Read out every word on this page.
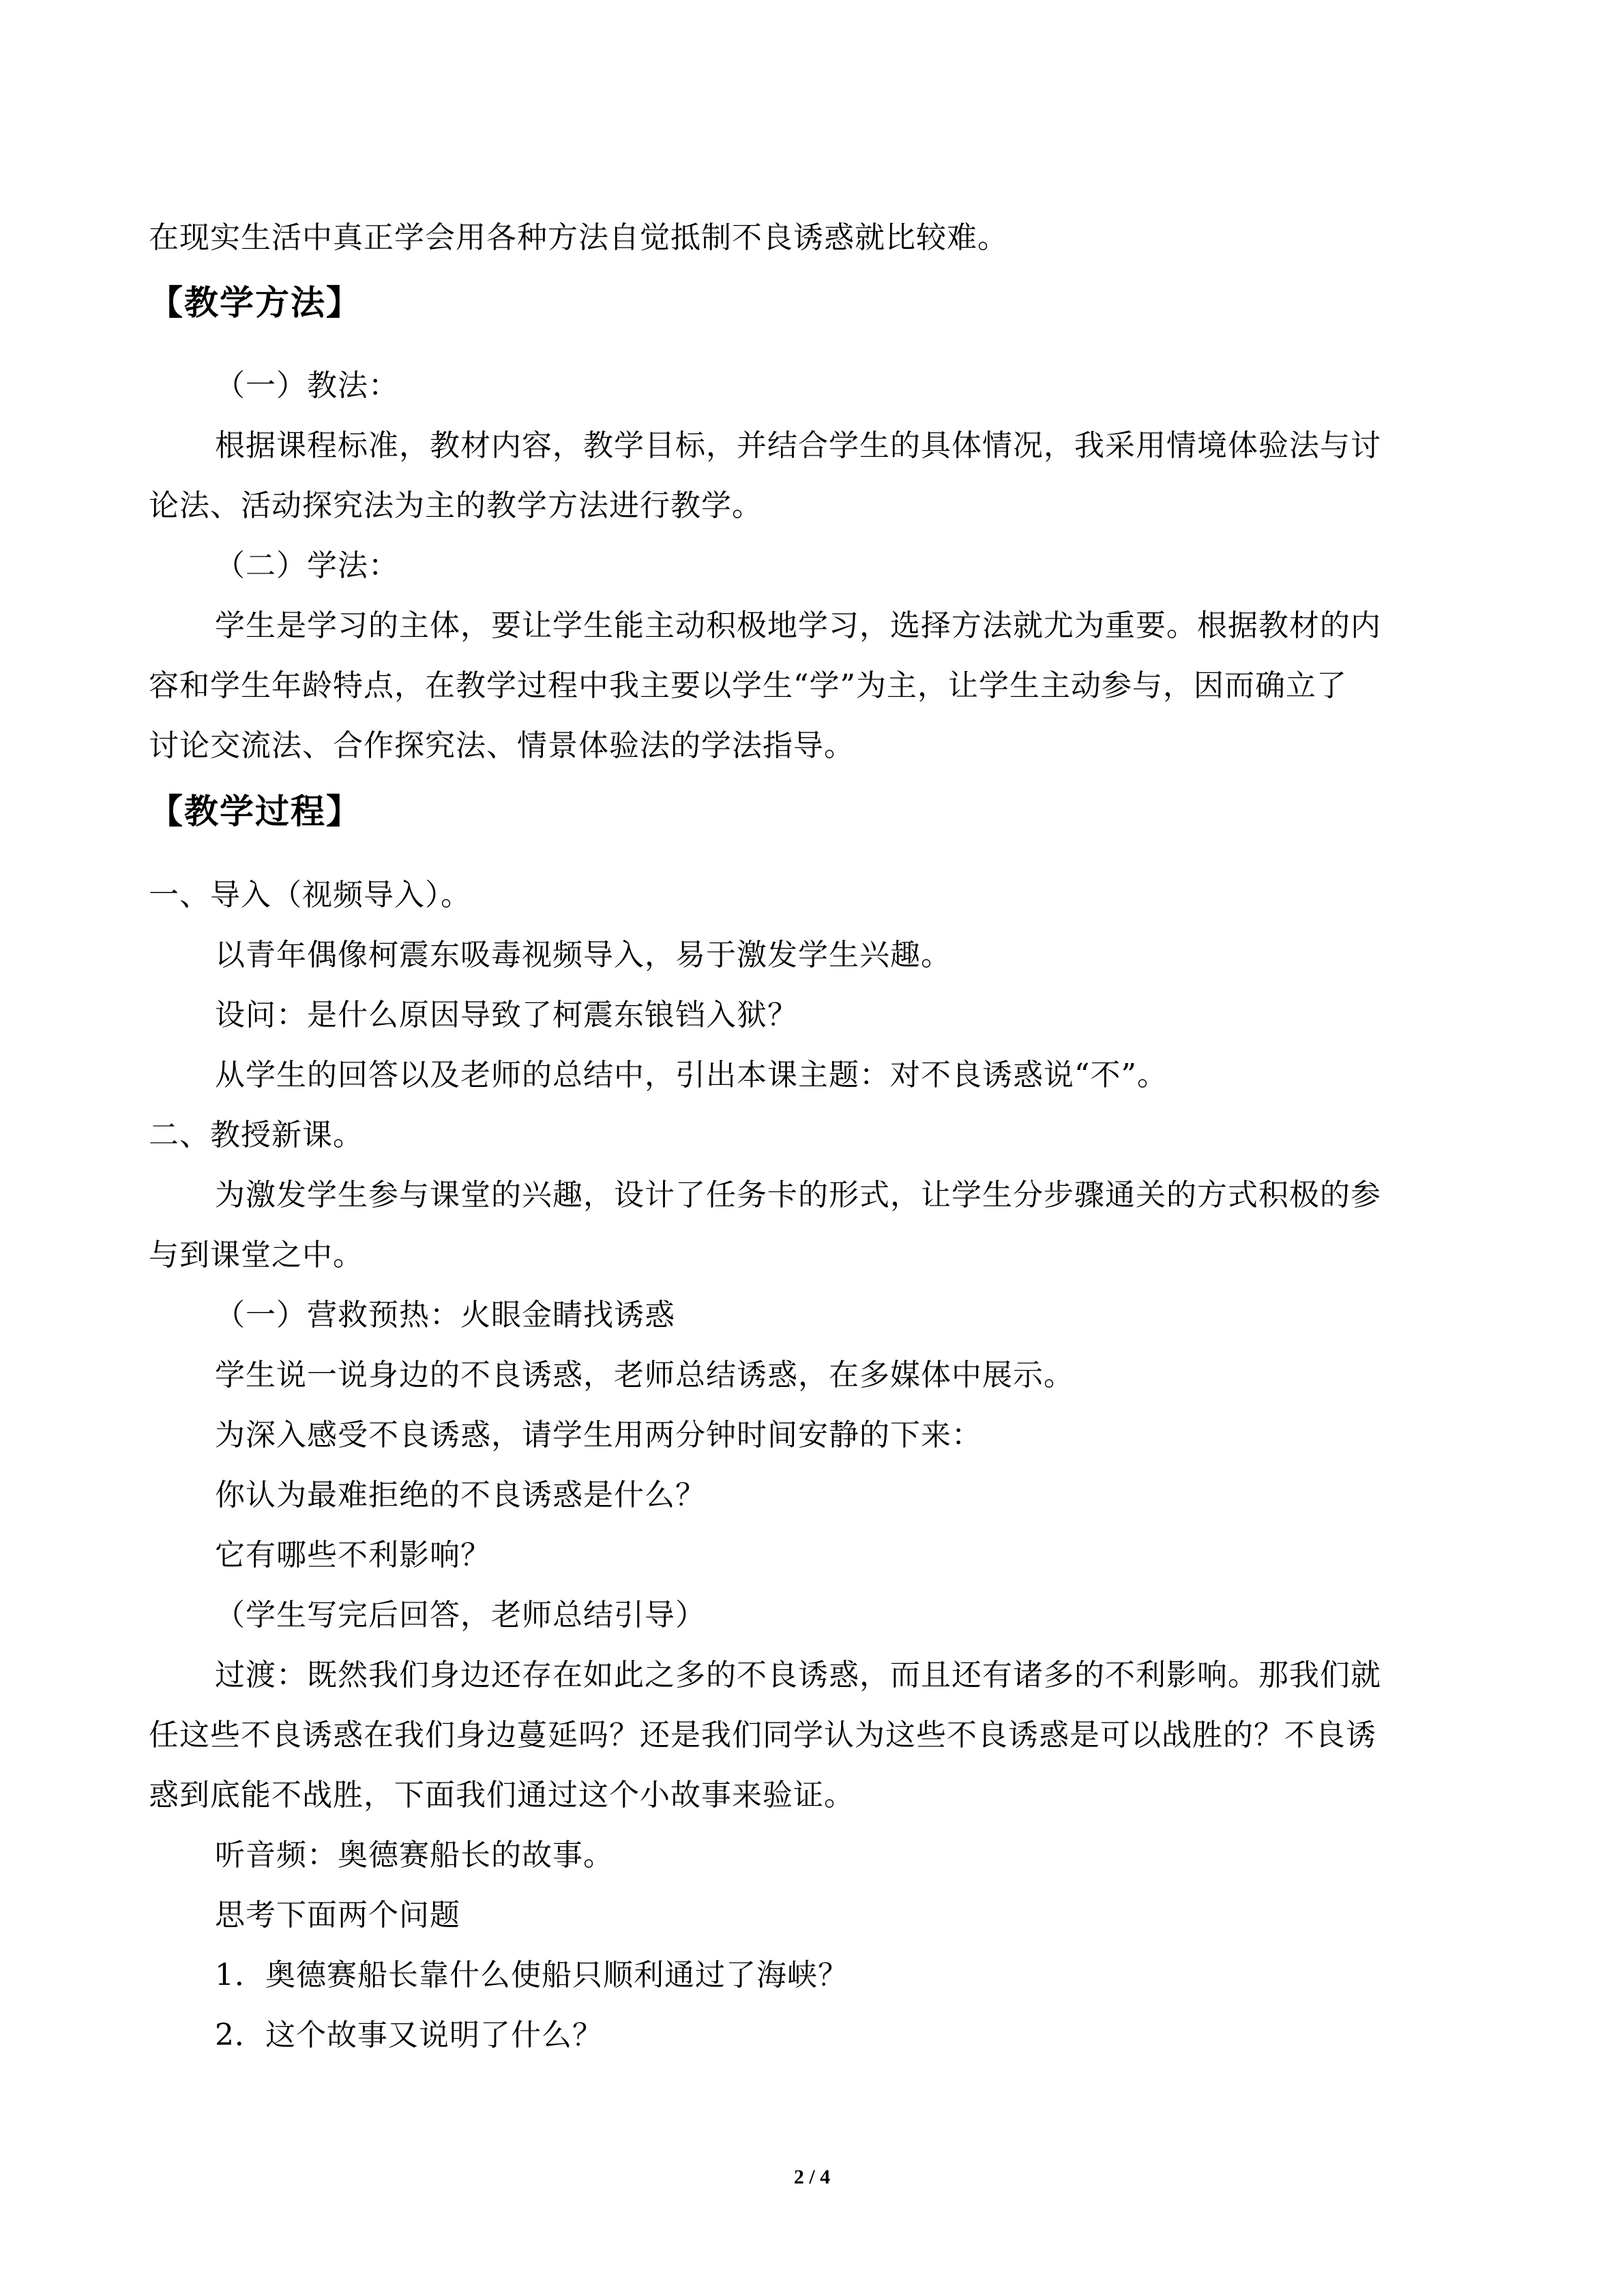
在现实生活中真正学会用各种方法自觉抵制不良诱惑就比较难。
【教学方法】
（一）教法：
根据课程标准，教材内容，教学目标，并结合学生的具体情况，我采用情境体验法与讨
论法、活动探究法为主的教学方法进行教学。
（二）学法：
学生是学习的主体，要让学生能主动积极地学习，选择方法就尤为重要。根据教材的内
容和学生年龄特点，在教学过程中我主要以学生“学”为主，让学生主动参与，因而确立了
讨论交流法、合作探究法、情景体验法的学法指导。
【教学过程】
一、导入（视频导入）。
以青年偶像柯震东吸毒视频导入，易于激发学生兴趣。
设问：是什么原因导致了柯震东锒铛入狱？
从学生的回答以及老师的总结中，引出本课主题：对不良诱惑说“不”。
二、教授新课。
为激发学生参与课堂的兴趣，设计了任务卡的形式，让学生分步骤通关的方式积极的参
与到课堂之中。
（一）营救预热：火眼金睛找诱惑
学生说一说身边的不良诱惑，老师总结诱惑，在多媒体中展示。
为深入感受不良诱惑，请学生用两分钟时间安静的下来：
你认为最难拒绝的不良诱惑是什么？
它有哪些不利影响？
（学生写完后回答，老师总结引导）
过渡：既然我们身边还存在如此之多的不良诱惑，而且还有诸多的不利影响。那我们就
任这些不良诱惑在我们身边蔓延吗？还是我们同学认为这些不良诱惑是可以战胜的？不良诱
惑到底能不战胜，下面我们通过这个小故事来验证。
听音频：奥德赛船长的故事。
思考下面两个问题
1．奥德赛船长靠什么使船只顺利通过了海峡？
2．这个故事又说明了什么？
2 / 4
